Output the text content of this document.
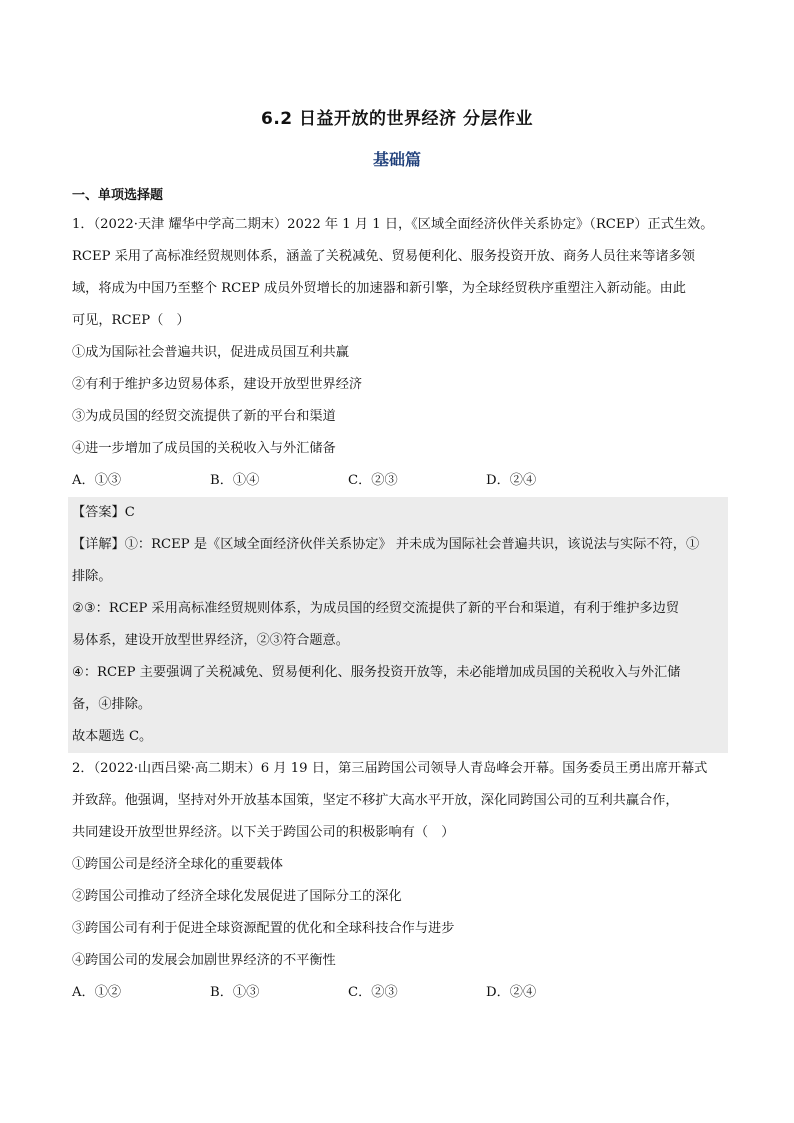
6.2 日益开放的世界经济 分层作业
基础篇
一、单项选择题
1．（2022·天津 耀华中学高二期末）2022 年 1 月 1 日，《区域全面经济伙伴关系协定》（RCEP）正式生效。
RCEP 采用了高标准经贸规则体系，涵盖了关税减免、贸易便利化、服务投资开放、商务人员往来等诸多领
域，将成为中国乃至整个 RCEP 成员外贸增长的加速器和新引擎，为全球经贸秩序重塑注入新动能。由此
可见，RCEP（　）
①成为国际社会普遍共识，促进成员国互利共赢
②有利于维护多边贸易体系，建设开放型世界经济
③为成员国的经贸交流提供了新的平台和渠道
④进一步增加了成员国的关税收入与外汇储备
A．①③	B．①④	C．②③	D．②④
【答案】C
【详解】①：RCEP 是《区域全面经济伙伴关系协定》 并未成为国际社会普遍共识，该说法与实际不符，①
排除。
②③：RCEP 采用高标准经贸规则体系，为成员国的经贸交流提供了新的平台和渠道，有利于维护多边贸
易体系，建设开放型世界经济，②③符合题意。
④：RCEP 主要强调了关税减免、贸易便利化、服务投资开放等，未必能增加成员国的关税收入与外汇储
备，④排除。
故本题选 C。
2．（2022·山西吕梁·高二期末）6 月 19 日，第三届跨国公司领导人青岛峰会开幕。国务委员王勇出席开幕式
并致辞。他强调，坚持对外开放基本国策，坚定不移扩大高水平开放，深化同跨国公司的互利共赢合作，
共同建设开放型世界经济。以下关于跨国公司的积极影响有（　）
①跨国公司是经济全球化的重要载体
②跨国公司推动了经济全球化发展促进了国际分工的深化
③跨国公司有利于促进全球资源配置的优化和全球科技合作与进步
④跨国公司的发展会加剧世界经济的不平衡性
A．①②	B．①③	C．②③	D．②④
